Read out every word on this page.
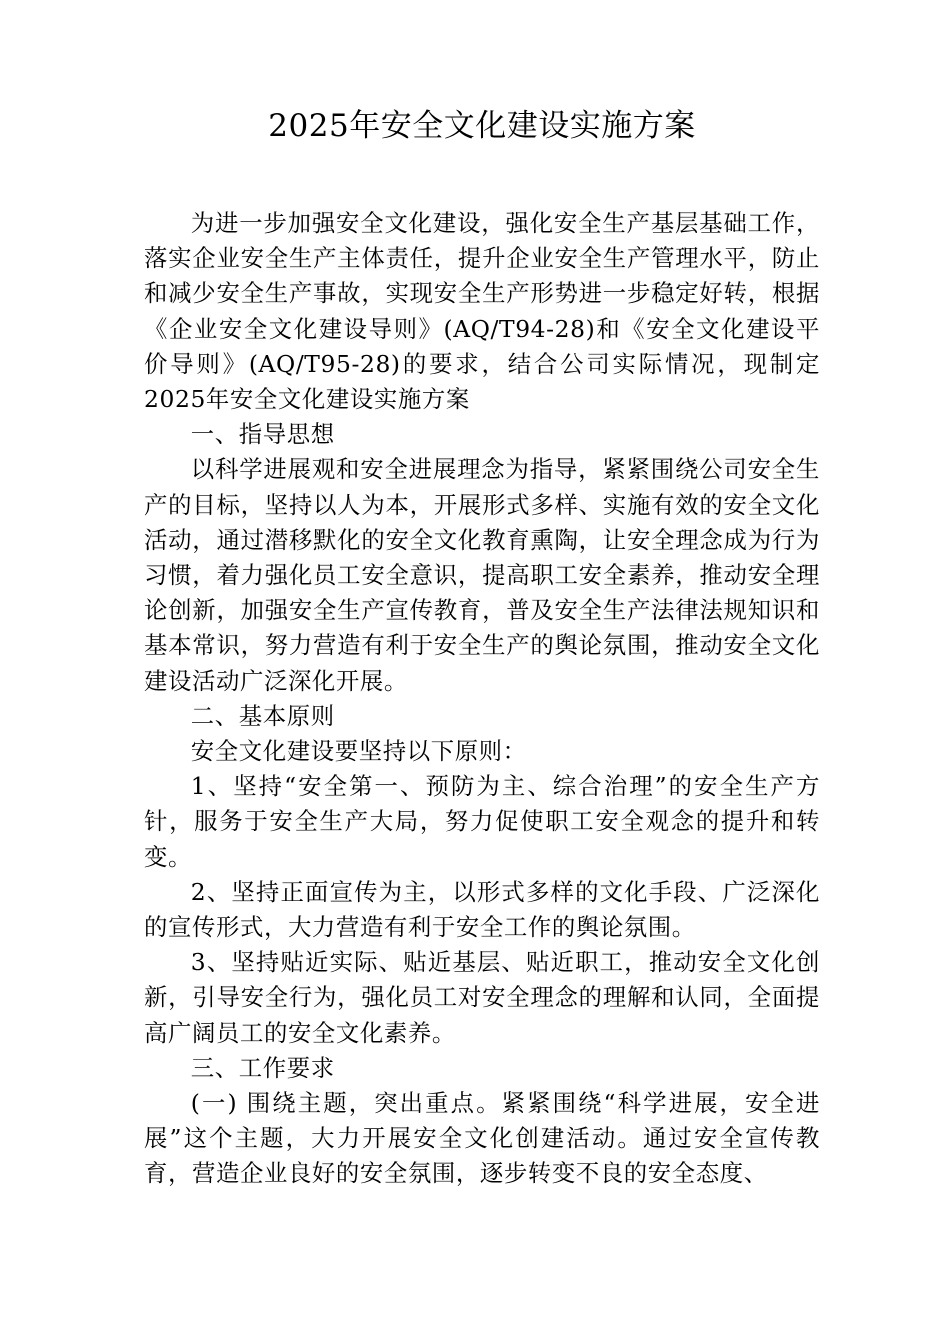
2025年安全文化建设实施方案

为进一步加强安全文化建设，强化安全生产基层基础工作，落实企业安全生产主体责任，提升企业安全生产管理水平，防止和减少安全生产事故，实现安全生产形势进一步稳定好转，根据《企业安全文化建设导则》(AQ/T94-28)和《安全文化建设平价导则》(AQ/T95-28)的要求，结合公司实际情况，现制定2025年安全文化建设实施方案

一、指导思想

以科学进展观和安全进展理念为指导，紧紧围绕公司安全生产的目标，坚持以人为本，开展形式多样、实施有效的安全文化活动，通过潜移默化的安全文化教育熏陶，让安全理念成为行为习惯，着力强化员工安全意识，提高职工安全素养，推动安全理论创新，加强安全生产宣传教育，普及安全生产法律法规知识和基本常识，努力营造有利于安全生产的舆论氛围，推动安全文化建设活动广泛深化开展。

二、基本原则

安全文化建设要坚持以下原则：

1、坚持“安全第一、预防为主、综合治理”的安全生产方针，服务于安全生产大局，努力促使职工安全观念的提升和转变。

2、坚持正面宣传为主，以形式多样的文化手段、广泛深化的宣传形式，大力营造有利于安全工作的舆论氛围。

3、坚持贴近实际、贴近基层、贴近职工，推动安全文化创新，引导安全行为，强化员工对安全理念的理解和认同，全面提高广阔员工的安全文化素养。

三、工作要求

(一) 围绕主题，突出重点。紧紧围绕“科学进展，安全进展”这个主题，大力开展安全文化创建活动。通过安全宣传教育，营造企业良好的安全氛围，逐步转变不良的安全态度、
